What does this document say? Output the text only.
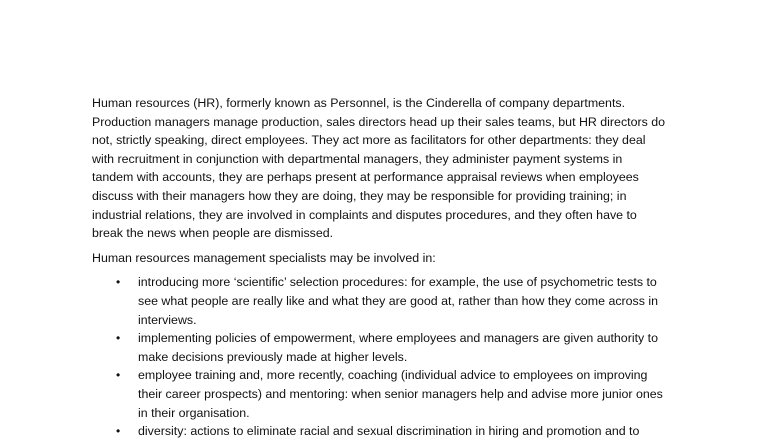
Human resources (HR), formerly known as Personnel, is the Cinderella of company departments.
Production managers manage production, sales directors head up their sales teams, but HR directors do
not, strictly speaking, direct employees. They act more as facilitators for other departments: they deal
with recruitment in conjunction with departmental managers, they administer payment systems in
tandem with accounts, they are perhaps present at performance appraisal reviews when employees
discuss with their managers how they are doing, they may be responsible for providing training; in
industrial relations, they are involved in complaints and disputes procedures, and they often have to
break the news when people are dismissed.

Human resources management specialists may be involved in:

• introducing more ‘scientific’ selection procedures: for example, the use of psychometric tests to
see what people are really like and what they are good at, rather than how they come across in
interviews.
• implementing policies of empowerment, where employees and managers are given authority to
make decisions previously made at higher levels.
• employee training and, more recently, coaching (individual advice to employees on improving
their career prospects) and mentoring: when senior managers help and advise more junior ones
in their organisation.
• diversity: actions to eliminate racial and sexual discrimination in hiring and promotion and to
